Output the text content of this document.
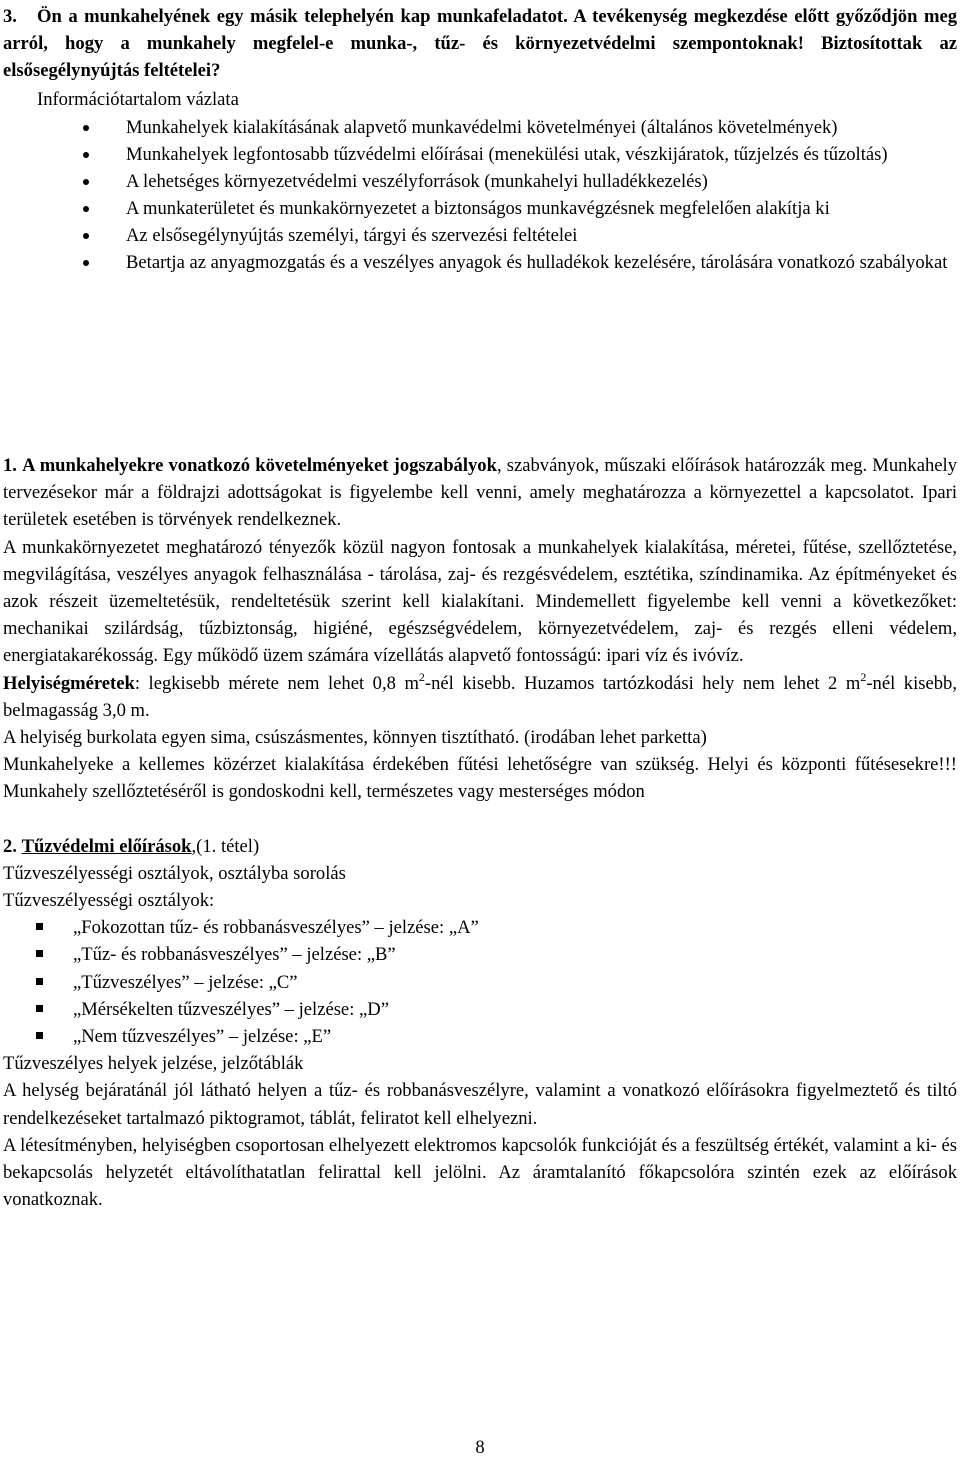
3. Ön a munkahelyének egy másik telephelyén kap munkafeladatot. A tevékenység megkezdése előtt győződjön meg arról, hogy a munkahely megfelel-e munka-, tűz- és környezetvédelmi szempontoknak! Biztosítottak az elsősegélynyújtás feltételei?
Információtartalom vázlata
Munkahelyek kialakításának alapvető munkavédelmi követelményei (általános követelmények)
Munkahelyek legfontosabb tűzvédelmi előírásai (menekülési utak, vészkijáratok, tűzjelzés és tűzoltás)
A lehetséges környezetvédelmi veszélyforrások (munkahelyi hulladékkezelés)
A munkaterületet és munkakörnyezetet a biztonságos munkavégzésnek megfelelően alakítja ki
Az elsősegélynyújtás személyi, tárgyi és szervezési feltételei
Betartja az anyagmozgatás és a veszélyes anyagok és hulladékok kezelésére, tárolására vonatkozó szabályokat

1. A munkahelyekre vonatkozó követelményeket jogszabályok, szabványok, műszaki előírások határozzák meg. Munkahely tervezésekor már a földrajzi adottságokat is figyelembe kell venni, amely meghatározza a környezettel a kapcsolatot. Ipari területek esetében is törvények rendelkeznek.

A munkakörnyezetet meghatározó tényezők közül nagyon fontosak a munkahelyek kialakítása, méretei, fűtése, szellőztetése, megvilágítása, veszélyes anyagok felhasználása - tárolása, zaj- és rezgésvédelem, esztétika, színdinamika. Az építményeket és azok részeit üzemeltetésük, rendeltetésük szerint kell kialakítani. Mindemellett figyelembe kell venni a következőket: mechanikai szilárdság, tűzbiztonság, higiéné, egészségvédelem, környezetvédelem, zaj- és rezgés elleni védelem, energiatakarékosság. Egy működő üzem számára vízellátás alapvető fontosságú: ipari víz és ivóvíz.

Helyiségméretek: legkisebb mérete nem lehet 0,8 $m^2$-nél kisebb. Huzamos tartózkodási hely nem lehet 2 $m^2$-nél kisebb, belmagasság 3,0 m.

A helyiség burkolata egyen sima, csúszásmentes, könnyen tisztítható. (irodában lehet parketta)

Munkahelyeke a kellemes közérzet kialakítása érdekében fűtési lehetőségre van szükség. Helyi és központi fűtésesekre!!! Munkahely szellőztetéséről is gondoskodni kell, természetes vagy mesterséges módon

2. Tűzvédelmi előírások,(1. tétel)

Tűzveszélyességi osztályok, osztályba sorolás

Tűzveszélyességi osztályok:

„Fokozottan tűz- és robbanásveszélyes” – jelzése: „A”
„Tűz- és robbanásveszélyes” – jelzése: „B”
„Tűzveszélyes” – jelzése: „C”
„Mérsékelten tűzveszélyes” – jelzése: „D”
„Nem tűzveszélyes” – jelzése: „E”

Tűzveszélyes helyek jelzése, jelzőtáblák

A helység bejáratánál jól látható helyen a tűz- és robbanásveszélyre, valamint a vonatkozó előírásokra figyelmeztető és tiltó rendelkezéseket tartalmazó piktogramot, táblát, feliratot kell elhelyezni.

A létesítményben, helyiségben csoportosan elhelyezett elektromos kapcsolók funkcióját és a feszültség értékét, valamint a ki- és bekapcsolás helyzetét eltávolíthatatlan felirattal kell jelölni. Az áramtalanító főkapcsolóra szintén ezek az előírások vonatkoznak.

8
